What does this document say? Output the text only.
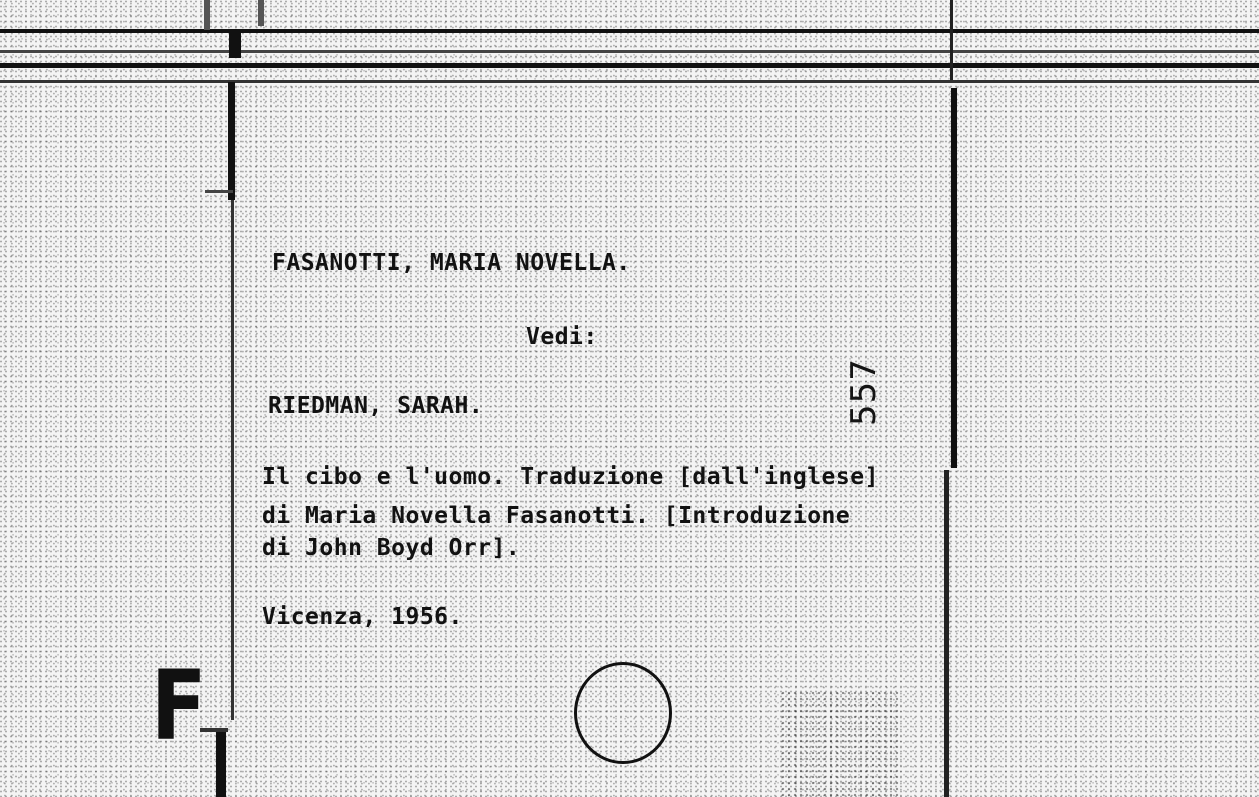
FASANOTTI, MARIA NOVELLA.

Vedi:

RIEDMAN, SARAH.

Il cibo e l'uomo. Traduzione [dall'inglese]

di Maria Novella Fasanotti. [Introduzione

di John Boyd Orr].

Vicenza, 1956.

557
F
